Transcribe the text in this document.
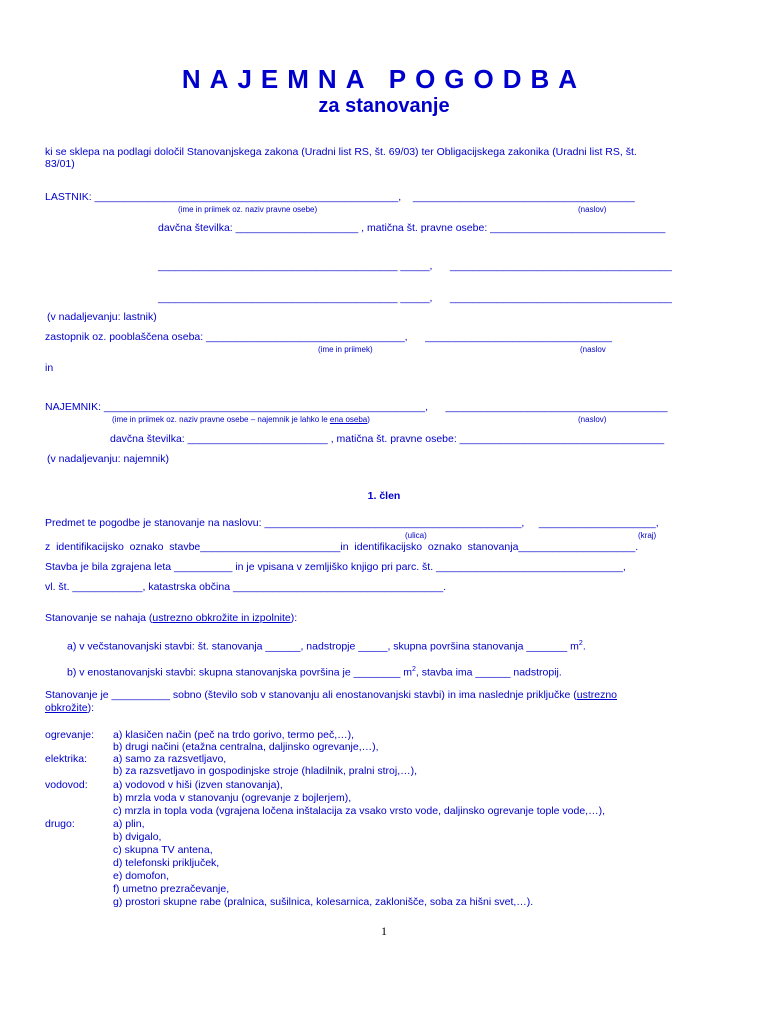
NAJEMNA POGODBA
za stanovanje
ki se sklepa na podlagi določil Stanovanjskega zakona (Uradni list RS, št. 69/03) ter Obligacijskega zakonika (Uradni list RS, št.
83/01)
LASTNIK: ____________________________________________________,    ______________________________________
(ime in priimek oz. naziv pravne osebe)	(naslov)
davčna številka: _____________________ , matična št. pravne osebe: ______________________________
_________________________________________ _____,      ______________________________________
_________________________________________ _____,      ______________________________________
(v nadaljevanju: lastnik)
zastopnik oz. pooblaščena oseba: __________________________________,      ________________________________
(ime in priimek)	(naslov
in
NAJEMNIK: _______________________________________________________,      ______________________________________
(ime in priimek oz. naziv pravne osebe – najemnik je lahko le ena oseba)	(naslov)
davčna številka: ________________________ , matična št. pravne osebe: ___________________________________
(v nadaljevanju: najemnik)
1. člen
Predmet te pogodbe je stanovanje na naslovu: ____________________________________________,     ____________________,
(ulica)	(kraj)
z  identifikacijsko  oznako  stavbe________________________in  identifikacijsko  oznako  stanovanja____________________.
Stavba je bila zgrajena leta __________ in je vpisana v zemljiško knjigo pri parc. št. ________________________________,
vl. št. ____________, katastrska občina ____________________________________.
Stanovanje se nahaja (ustrezno obkrožite in izpolnite):
a) v večstanovanjski stavbi: št. stanovanja ______, nadstropje _____, skupna površina stanovanja _______ $m^2$.
b) v enostanovanjski stavbi: skupna stanovanjska površina je ________ $m^2$, stavba ima ______ nadstropij.
Stanovanje je __________ sobno (število sob v stanovanju ali enostanovanjski stavbi) in ima naslednje priključke (ustrezno
obkrožite):
ogrevanje: a) klasičen način (peč na trdo gorivo, termo peč,…),
b) drugi načini (etažna centralna, daljinsko ogrevanje,…),
elektrika: a) samo za razsvetljavo,
b) za razsvetljavo in gospodinjske stroje (hladilnik, pralni stroj,…),
vodovod: a) vodovod v hiši (izven stanovanja),
b) mrzla voda v stanovanju (ogrevanje z bojlerjem),
c) mrzla in topla voda (vgrajena ločena inštalacija za vsako vrsto vode, daljinsko ogrevanje tople vode,…),
drugo:	a) plin,
b) dvigalo,
c) skupna TV antena,
d) telefonski priključek,
e) domofon,
f) umetno prezračevanje,
g) prostori skupne rabe (pralnica, sušilnica, kolesarnica, zaklonišče, soba za hišni svet,…).
1
